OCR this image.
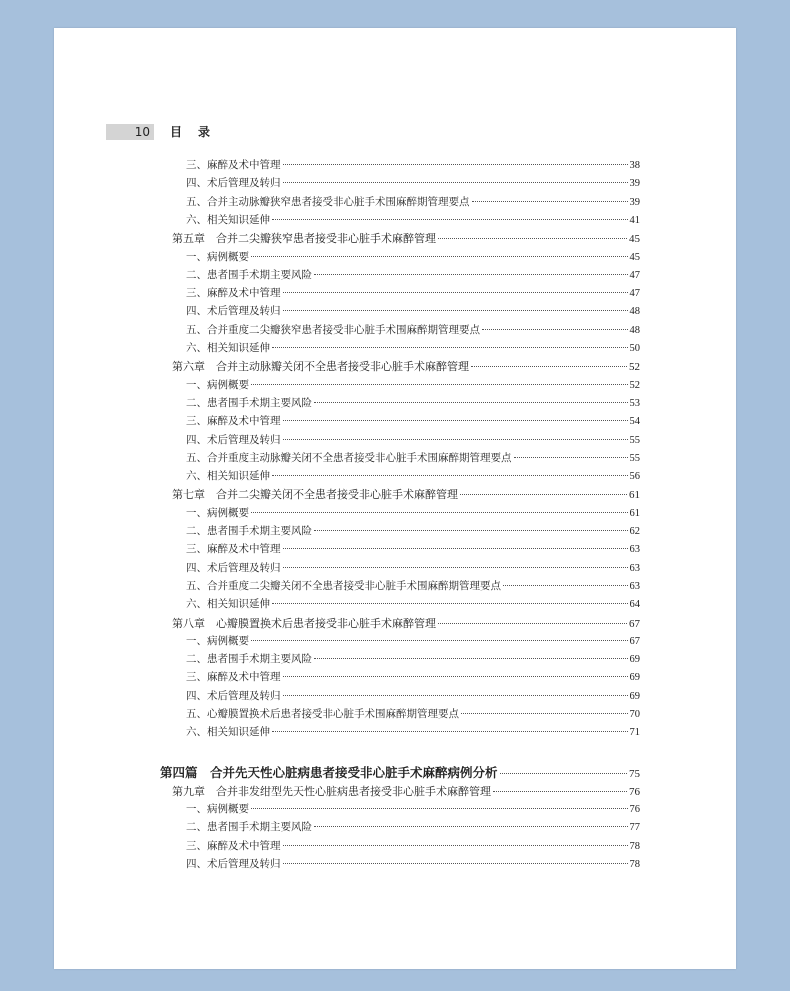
10	目录
三、麻醉及术中管理	38
四、术后管理及转归	39
五、合并主动脉瓣狭窄患者接受非心脏手术围麻醉期管理要点	39
六、相关知识延伸	41
第五章　合并二尖瓣狭窄患者接受非心脏手术麻醉管理	45
一、病例概要	45
二、患者围手术期主要风险	47
三、麻醉及术中管理	47
四、术后管理及转归	48
五、合并重度二尖瓣狭窄患者接受非心脏手术围麻醉期管理要点	48
六、相关知识延伸	50
第六章　合并主动脉瓣关闭不全患者接受非心脏手术麻醉管理	52
一、病例概要	52
二、患者围手术期主要风险	53
三、麻醉及术中管理	54
四、术后管理及转归	55
五、合并重度主动脉瓣关闭不全患者接受非心脏手术围麻醉期管理要点	55
六、相关知识延伸	56
第七章　合并二尖瓣关闭不全患者接受非心脏手术麻醉管理	61
一、病例概要	61
二、患者围手术期主要风险	62
三、麻醉及术中管理	63
四、术后管理及转归	63
五、合并重度二尖瓣关闭不全患者接受非心脏手术围麻醉期管理要点	63
六、相关知识延伸	64
第八章　心瓣膜置换术后患者接受非心脏手术麻醉管理	67
一、病例概要	67
二、患者围手术期主要风险	69
三、麻醉及术中管理	69
四、术后管理及转归	69
五、心瓣膜置换术后患者接受非心脏手术围麻醉期管理要点	70
六、相关知识延伸	71
第四篇　合并先天性心脏病患者接受非心脏手术麻醉病例分析	75
第九章　合并非发绀型先天性心脏病患者接受非心脏手术麻醉管理	76
一、病例概要	76
二、患者围手术期主要风险	77
三、麻醉及术中管理	78
四、术后管理及转归	78
